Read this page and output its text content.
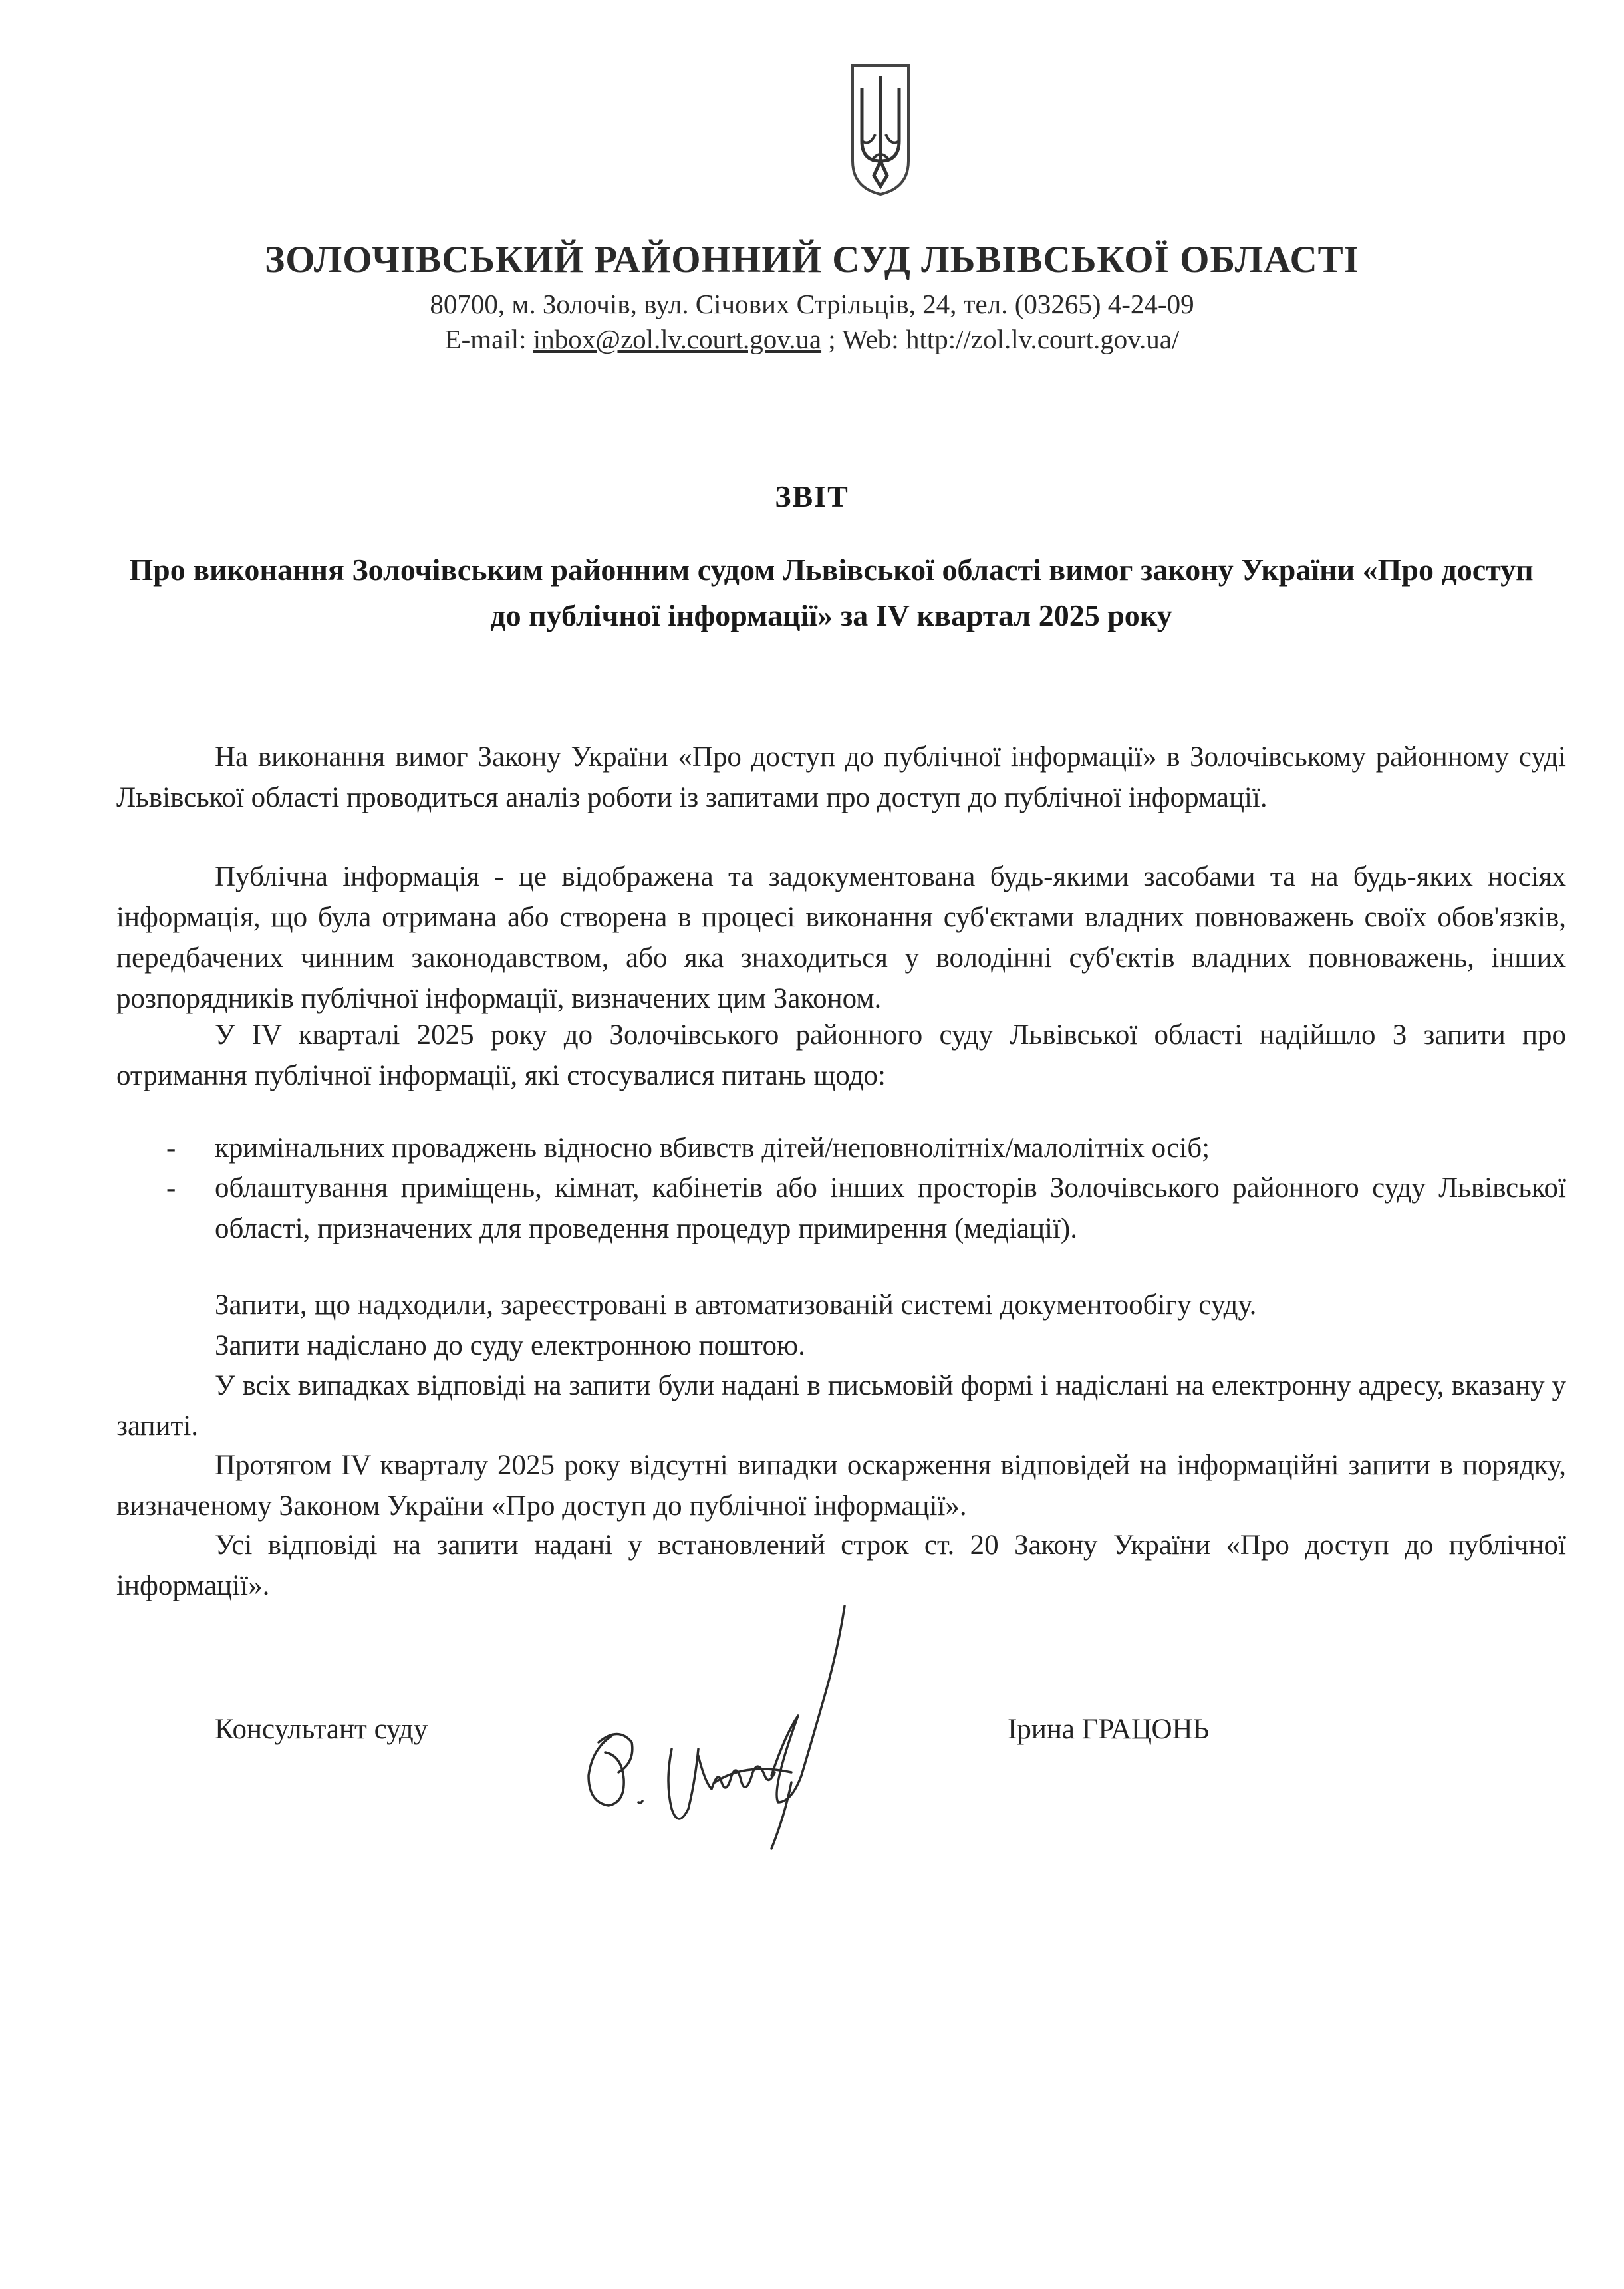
ЗОЛОЧІВСЬКИЙ РАЙОННИЙ СУД ЛЬВІВСЬКОЇ ОБЛАСТІ
80700, м. Золочів, вул. Січових Стрільців, 24, тел. (03265) 4-24-09
E-mail: inbox@zol.lv.court.gov.ua ; Web: http://zol.lv.court.gov.ua/
ЗВІТ
Про виконання Золочівським районним судом Львівської області вимог закону України «Про доступ до публічної інформації» за IV квартал 2025 року
На виконання вимог Закону України «Про доступ до публічної інформації» в Золочівському районному суді Львівської області проводиться аналіз роботи із запитами про доступ до публічної інформації.
Публічна інформація - це відображена та задокументована будь-якими засобами та на будь-яких носіях інформація, що була отримана або створена в процесі виконання суб'єктами владних повноважень своїх обов'язків, передбачених чинним законодавством, або яка знаходиться у володінні суб'єктів владних повноважень, інших розпорядників публічної інформації, визначених цим Законом.
У IV кварталі 2025 року до Золочівського районного суду Львівської області надійшло 3 запити про отримання публічної інформації, які стосувалися питань щодо:
- кримінальних проваджень відносно вбивств дітей/неповнолітніх/малолітніх осіб;
- облаштування приміщень, кімнат, кабінетів або інших просторів Золочівського районного суду Львівської області, призначених для проведення процедур примирення (медіації).
Запити, що надходили, зареєстровані в автоматизованій системі документообігу суду.
Запити надіслано до суду електронною поштою.
У всіх випадках відповіді на запити були надані в письмовій формі і надіслані на електронну адресу, вказану у запиті.
Протягом IV кварталу 2025 року відсутні випадки оскарження відповідей на інформаційні запити в порядку, визначеному Законом України «Про доступ до публічної інформації».
Усі відповіді на запити надані у встановлений строк ст. 20 Закону України «Про доступ до публічної інформації».
Консультант суду	Ірина ГРАЦОНЬ
